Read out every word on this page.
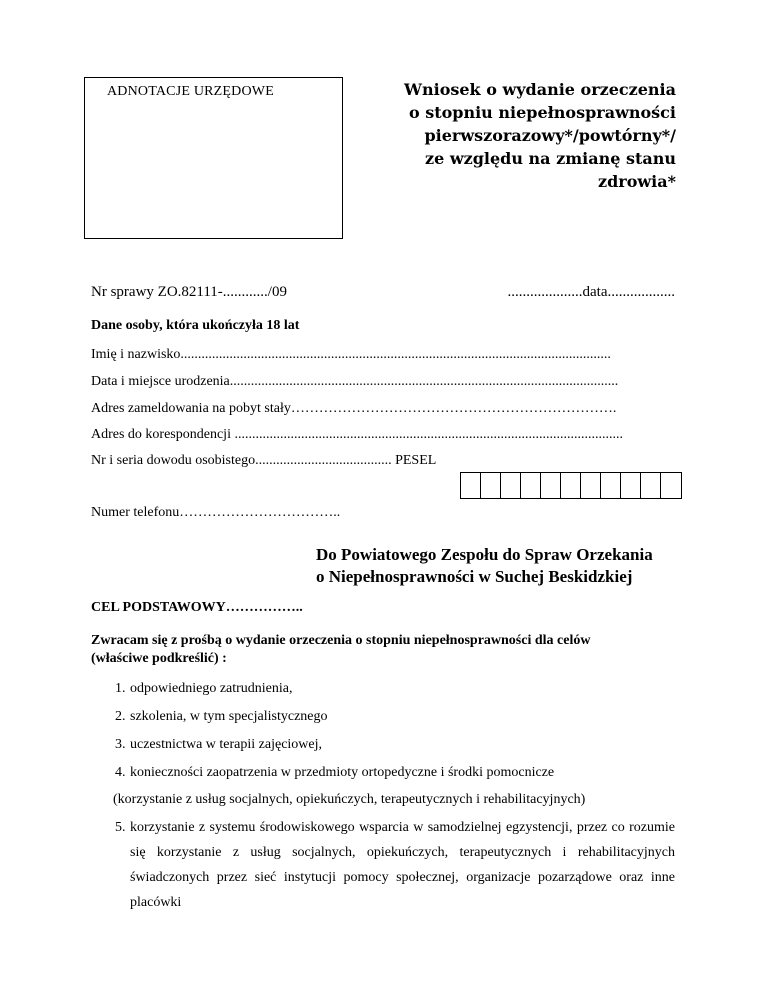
ADNOTACJE URZĘDOWE	Wniosek o wydanie orzeczenia
o stopniu niepełnosprawności
pierwszorazowy*/powtórny*/
ze względu na zmianę stanu
zdrowia*
Nr sprawy ZO.82111-............/09	....................data..................
Dane osoby, która ukończyła 18 lat
Imię i nazwisko...........................................................................................................................
Data i miejsce urodzenia...............................................................................................................
Adres zameldowania na pobyt stały…………………………………………………………….
Adres do korespondencji ...............................................................................................................
Nr i seria dowodu osobistego....................................... PESEL
Numer telefonu……………………………..
Do Powiatowego Zespołu do Spraw Orzekania
o Niepełnosprawności w Suchej Beskidzkiej
CEL PODSTAWOWY……………..
Zwracam się z prośbą o wydanie orzeczenia o stopniu niepełnosprawności dla celów
(właściwe podkreślić) :
1. odpowiedniego zatrudnienia,
2. szkolenia, w tym specjalistycznego
3. uczestnictwa w terapii zajęciowej,
4. konieczności zaopatrzenia w przedmioty ortopedyczne i środki pomocnicze
(korzystanie z usług socjalnych, opiekuńczych, terapeutycznych i rehabilitacyjnych)
5. korzystanie z systemu środowiskowego wsparcia w samodzielnej egzystencji, przez co rozumie się korzystanie z usług socjalnych, opiekuńczych, terapeutycznych i rehabilitacyjnych świadczonych przez sieć instytucji pomocy społecznej, organizacje pozarządowe oraz inne placówki
